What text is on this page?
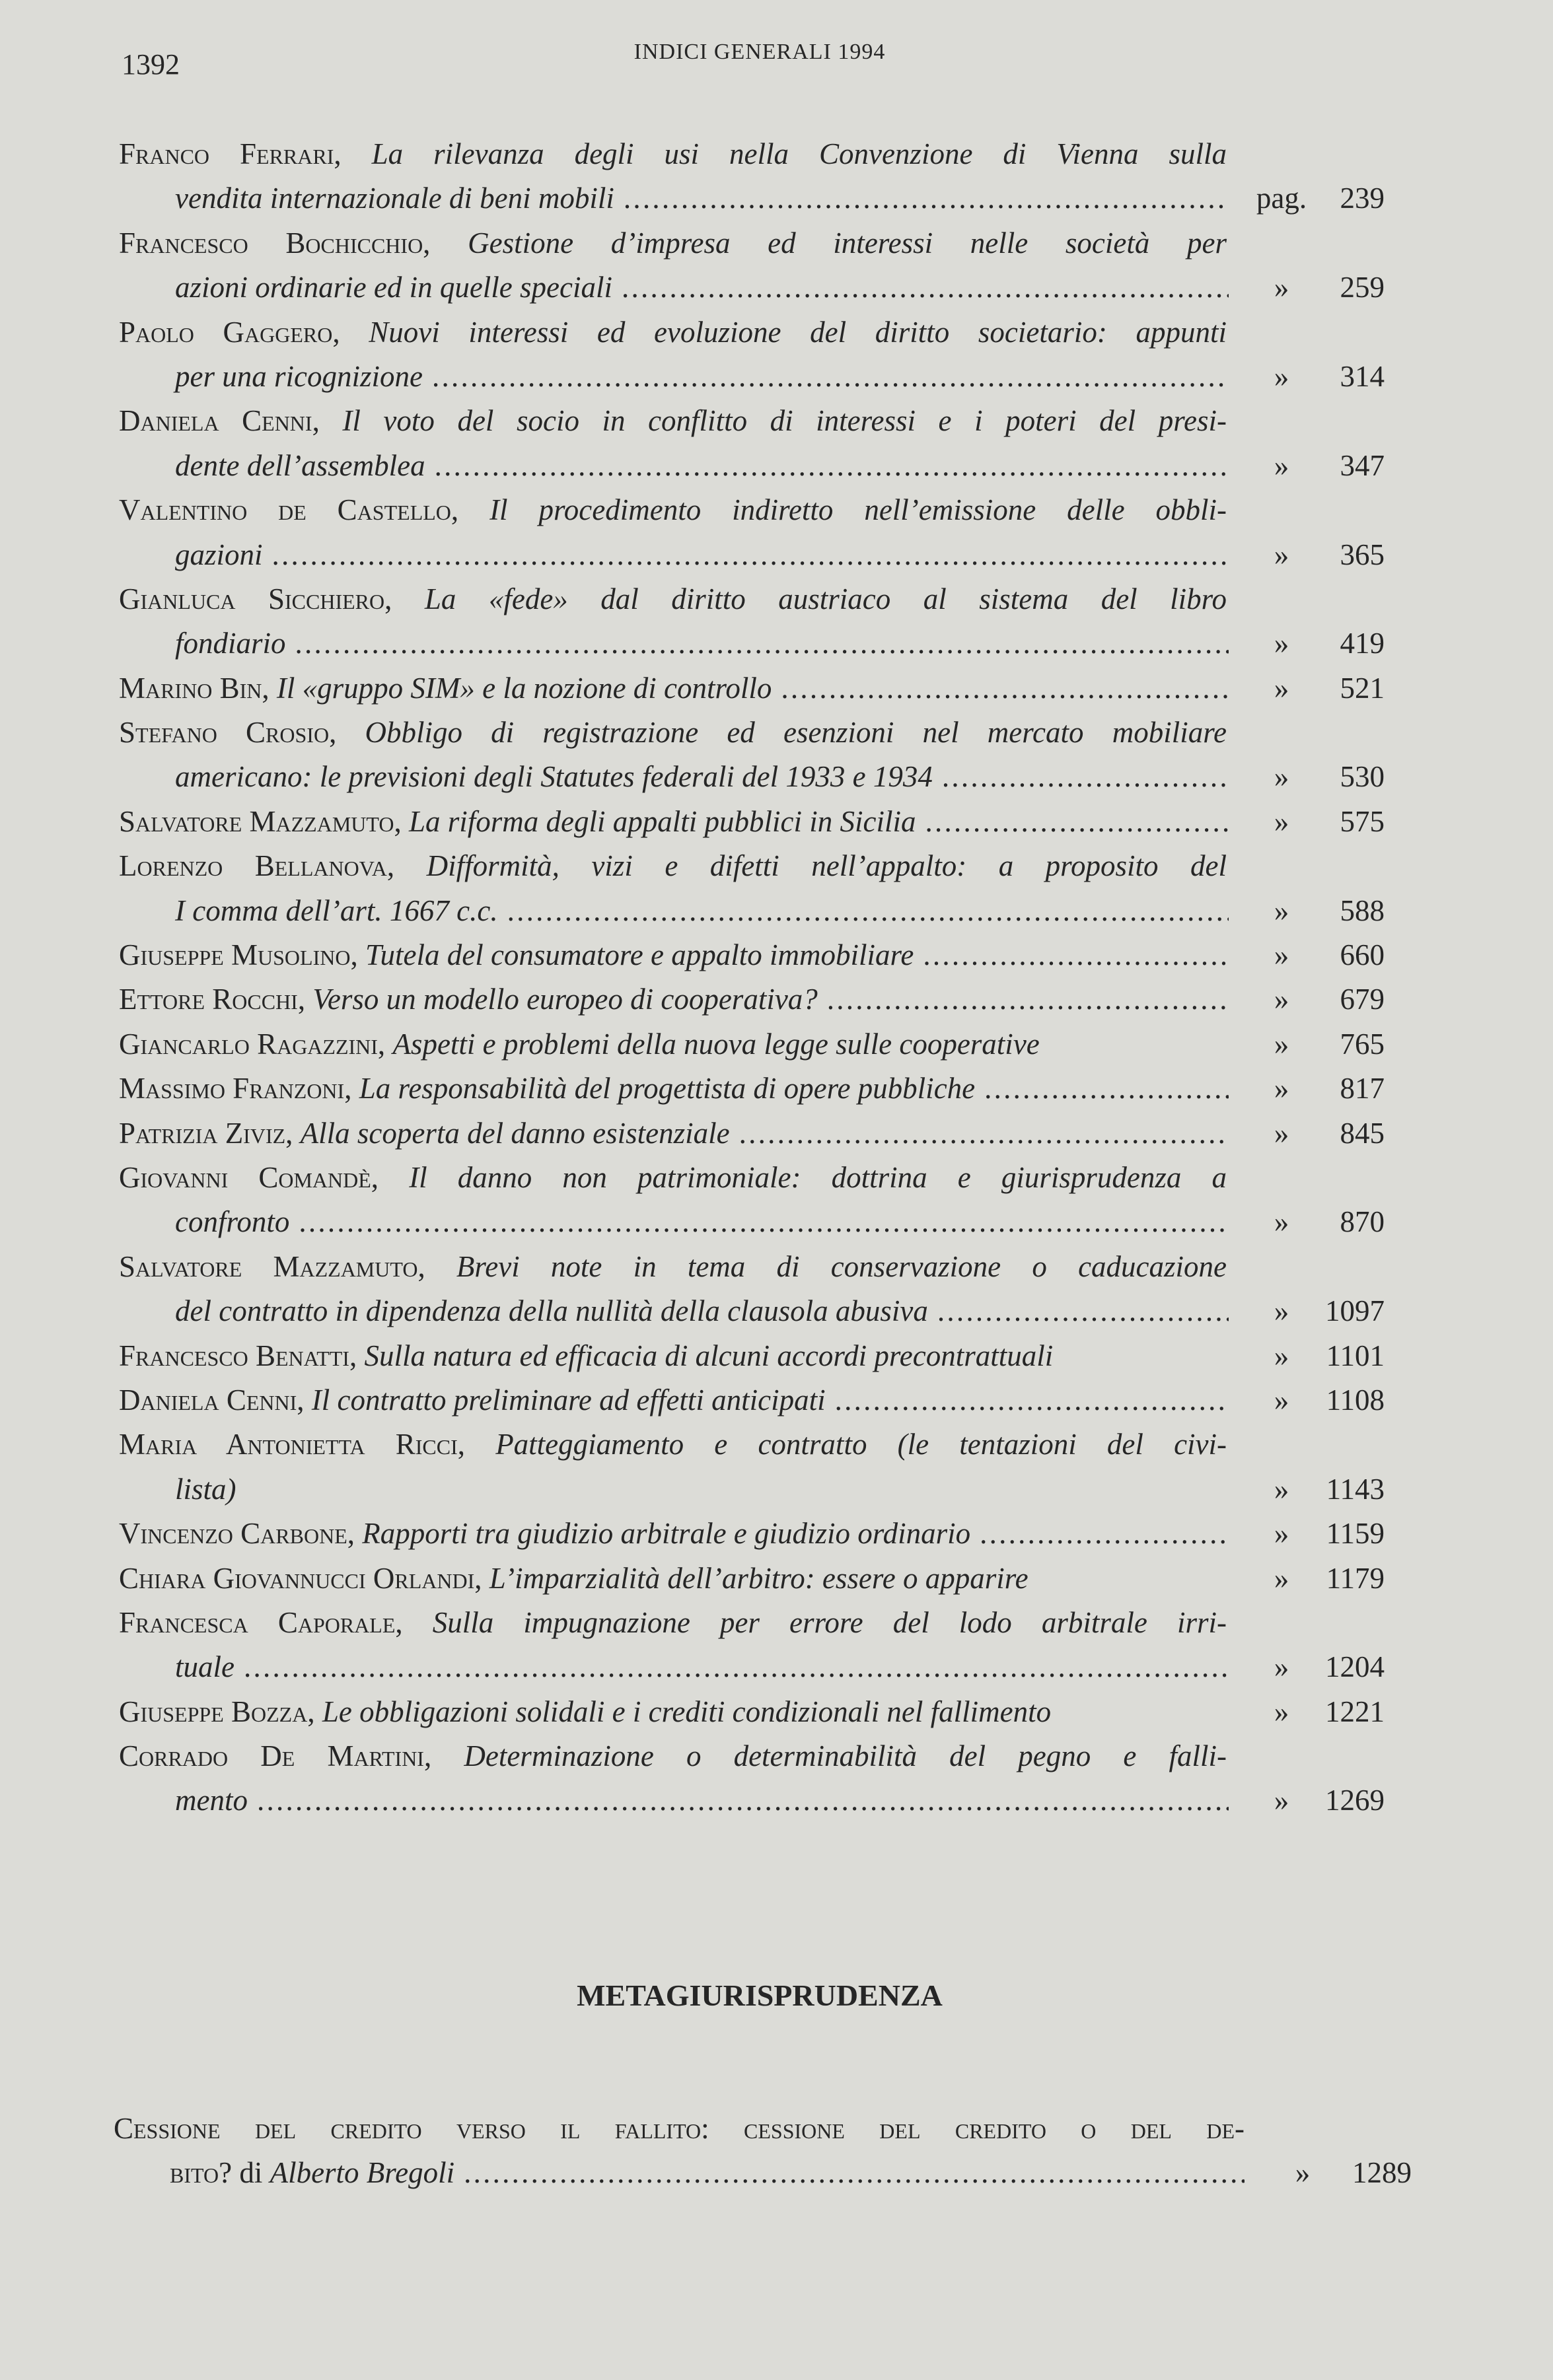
1392	INDICI GENERALI 1994
Franco Ferrari, La rilevanza degli usi nella Convenzione di Vienna sulla
vendita internazionale di beni mobili . . .	pag. 239
Francesco Bochicchio, Gestione d’impresa ed interessi nelle società per
azioni ordinarie ed in quelle speciali . . .	»	259
Paolo Gaggero, Nuovi interessi ed evoluzione del diritto societario: appunti
per una ricognizione . . .	»	314
Daniela Cenni, Il voto del socio in conflitto di interessi e i poteri del presi-
dente dell’assemblea . . .	»	347
Valentino de Castello, Il procedimento indiretto nell’emissione delle obbli-
gazioni . . .	»	365
Gianluca Sicchiero, La «fede» dal diritto austriaco al sistema del libro
fondiario . . .	»	419
Marino Bin, Il «gruppo SIM» e la nozione di controllo . . .	»	521
Stefano Crosio, Obbligo di registrazione ed esenzioni nel mercato mobiliare
americano: le previsioni degli Statutes federali del 1933 e 1934 . . .	»	530
Salvatore Mazzamuto, La riforma degli appalti pubblici in Sicilia . . .	»	575
Lorenzo Bellanova, Difformità, vizi e difetti nell’appalto: a proposito del
I comma dell’art. 1667 c.c. . . .	»	588
Giuseppe Musolino, Tutela del consumatore e appalto immobiliare . . .	»	660
Ettore Rocchi, Verso un modello europeo di cooperativa? . . .	»	679
Giancarlo Ragazzini, Aspetti e problemi della nuova legge sulle cooperative	»	765
Massimo Franzoni, La responsabilità del progettista di opere pubbliche . . .	»	817
Patrizia Ziviz, Alla scoperta del danno esistenziale . . .	»	845
Giovanni Comandè, Il danno non patrimoniale: dottrina e giurisprudenza a
confronto . . .	»	870
Salvatore Mazzamuto, Brevi note in tema di conservazione o caducazione
del contratto in dipendenza della nullità della clausola abusiva . . .	»	1097
Francesco Benatti, Sulla natura ed efficacia di alcuni accordi precontrattuali	»	1101
Daniela Cenni, Il contratto preliminare ad effetti anticipati . . .	»	1108
Maria Antonietta Ricci, Patteggiamento e contratto (le tentazioni del civi-
lista)	»	1143
Vincenzo Carbone, Rapporti tra giudizio arbitrale e giudizio ordinario . . .	»	1159
Chiara Giovannucci Orlandi, L’imparzialità dell’arbitro: essere o apparire	»	1179
Francesca Caporale, Sulla impugnazione per errore del lodo arbitrale irri-
tuale . . .	»	1204
Giuseppe Bozza, Le obbligazioni solidali e i crediti condizionali nel fallimento	»	1221
Corrado De Martini, Determinazione o determinabilità del pegno e falli-
mento . . .	»	1269
METAGIURISPRUDENZA
Cessione del credito verso il fallito: cessione del credito o del de-
bito? di Alberto Bregoli . . .	»	1289
